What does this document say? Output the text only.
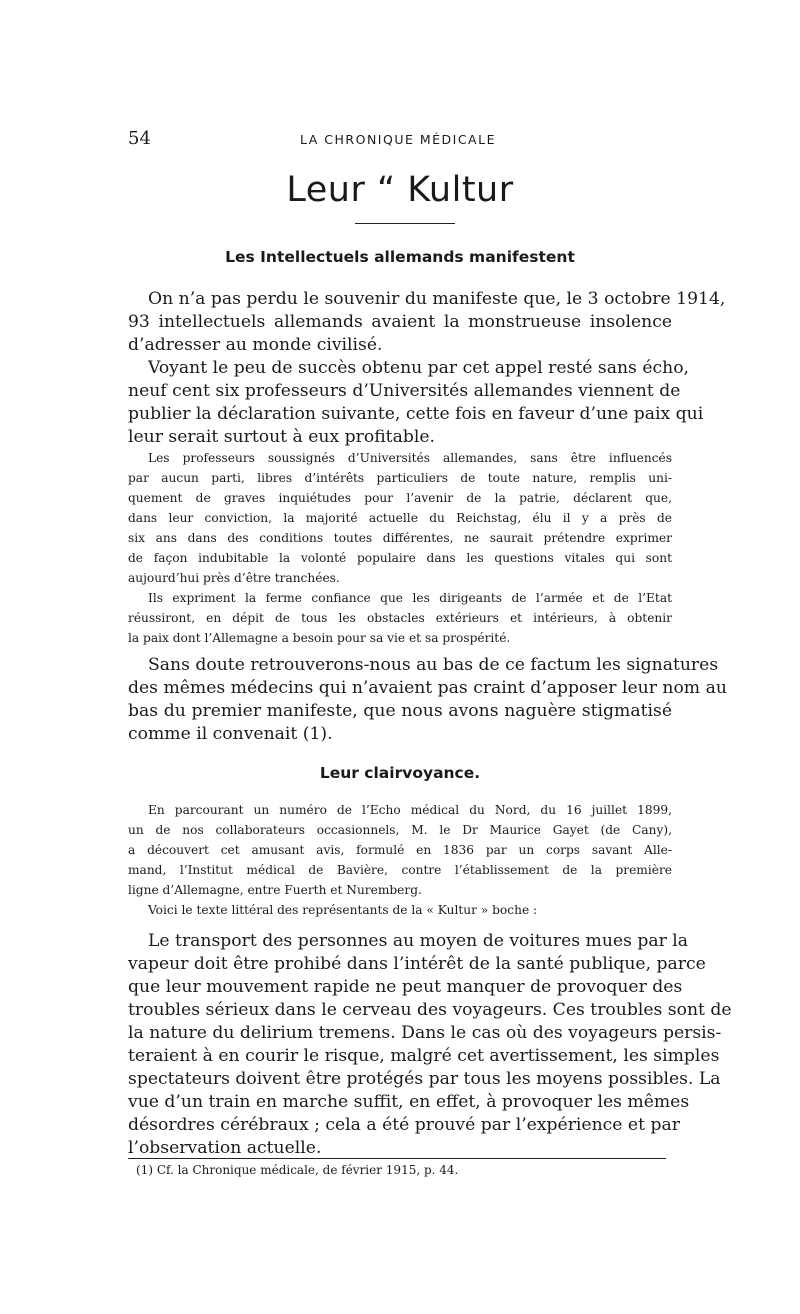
54	LA CHRONIQUE MÉDICALE
Leur “ Kultur
Les Intellectuels allemands manifestent
On n’a pas perdu le souvenir du manifeste que, le 3 octobre 1914,
93 intellectuels allemands avaient la monstrueuse insolence
d’adresser au monde civilisé.
Voyant le peu de succès obtenu par cet appel resté sans écho,
neuf cent six professeurs d’Universités allemandes viennent de
publier la déclaration suivante, cette fois en faveur d’une paix qui
leur serait surtout à eux profitable.
Les professeurs soussignés d’Universités allemandes, sans être influencés
par aucun parti, libres d’intérêts particuliers de toute nature, remplis uni-
quement de graves inquiétudes pour l’avenir de la patrie, déclarent que,
dans leur conviction, la majorité actuelle du Reichstag, élu il y a près de
six ans dans des conditions toutes différentes, ne saurait prétendre exprimer
de façon indubitable la volonté populaire dans les questions vitales qui sont
aujourd’hui près d’être tranchées.
Ils expriment la ferme confiance que les dirigeants de l’armée et de l’Etat
réussiront, en dépit de tous les obstacles extérieurs et intérieurs, à obtenir
la paix dont l’Allemagne a besoin pour sa vie et sa prospérité.
Sans doute retrouverons-nous au bas de ce factum les signatures
des mêmes médecins qui n’avaient pas craint d’apposer leur nom au
bas du premier manifeste, que nous avons naguère stigmatisé
comme il convenait (1).
Leur clairvoyance.
En parcourant un numéro de l’Echo médical du Nord, du 16 juillet 1899,
un de nos collaborateurs occasionnels, M. le Dr Maurice Gayet (de Cany),
a découvert cet amusant avis, formulé en 1836 par un corps savant Alle-
mand, l’Institut médical de Bavière, contre l’établissement de la première
ligne d’Allemagne, entre Fuerth et Nuremberg.
Voici le texte littéral des représentants de la « Kultur » boche :
Le transport des personnes au moyen de voitures mues par la
vapeur doit être prohibé dans l’intérêt de la santé publique, parce
que leur mouvement rapide ne peut manquer de provoquer des
troubles sérieux dans le cerveau des voyageurs. Ces troubles sont de
la nature du delirium tremens. Dans le cas où des voyageurs persis-
teraient à en courir le risque, malgré cet avertissement, les simples
spectateurs doivent être protégés par tous les moyens possibles. La
vue d’un train en marche suffit, en effet, à provoquer les mêmes
désordres cérébraux ; cela a été prouvé par l’expérience et par
l’observation actuelle.
(1) Cf. la Chronique médicale, de février 1915, p. 44.
